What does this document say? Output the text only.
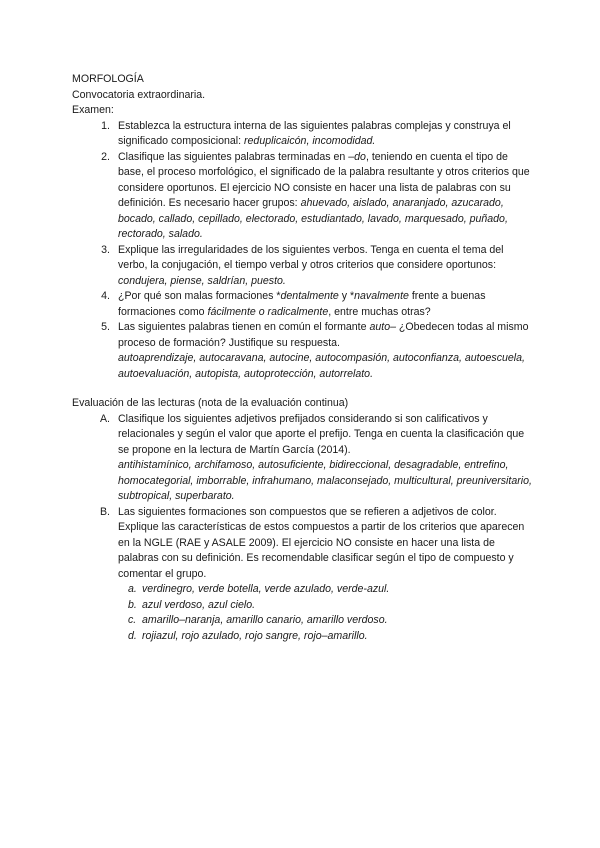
MORFOLOGÍA
Convocatoria extraordinaria.
Examen:
1. Establezca la estructura interna de las siguientes palabras complejas y construya el significado composicional: reduplicaicón, incomodidad.
2. Clasifique las siguientes palabras terminadas en –do, teniendo en cuenta el tipo de base, el proceso morfológico, el significado de la palabra resultante y otros criterios que considere oportunos. El ejercicio NO consiste en hacer una lista de palabras con su definición. Es necesario hacer grupos: ahuevado, aislado, anaranjado, azucarado, bocado, callado, cepillado, electorado, estudiantado, lavado, marquesado, puñado, rectorado, salado.
3. Explique las irregularidades de los siguientes verbos. Tenga en cuenta el tema del verbo, la conjugación, el tiempo verbal y otros criterios que considere oportunos: condujera, piense, saldrían, puesto.
4. ¿Por qué son malas formaciones *dentalmente y *navalmente frente a buenas formaciones como fácilmente o radicalmente, entre muchas otras?
5. Las siguientes palabras tienen en común el formante auto– ¿Obedecen todas al mismo proceso de formación? Justifique su respuesta.
autoaprendizaje, autocaravana, autocine, autocompasión, autoconfianza, autoescuela, autoevaluación, autopista, autoprotección, autorrelato.
Evaluación de las lecturas (nota de la evaluación continua)
A. Clasifique los siguientes adjetivos prefijados considerando si son calificativos y relacionales y según el valor que aporte el prefijo. Tenga en cuenta la clasificación que se propone en la lectura de Martín García (2014).
antihistamínico, archifamoso, autosuficiente, bidireccional, desagradable, entrefino, homocategorial, imborrable, infrahumano, malaconsejado, multicultural, preuniversitario, subtropical, superbarato.
B. Las siguientes formaciones son compuestos que se refieren a adjetivos de color. Explique las características de estos compuestos a partir de los criterios que aparecen en la NGLE (RAE y ASALE 2009). El ejercicio NO consiste en hacer una lista de palabras con su definición. Es recomendable clasificar según el tipo de compuesto y comentar el grupo.
a. verdinegro, verde botella, verde azulado, verde-azul.
b. azul verdoso, azul cielo.
c. amarillo–naranja, amarillo canario, amarillo verdoso.
d. rojiazul, rojo azulado, rojo sangre, rojo–amarillo.
